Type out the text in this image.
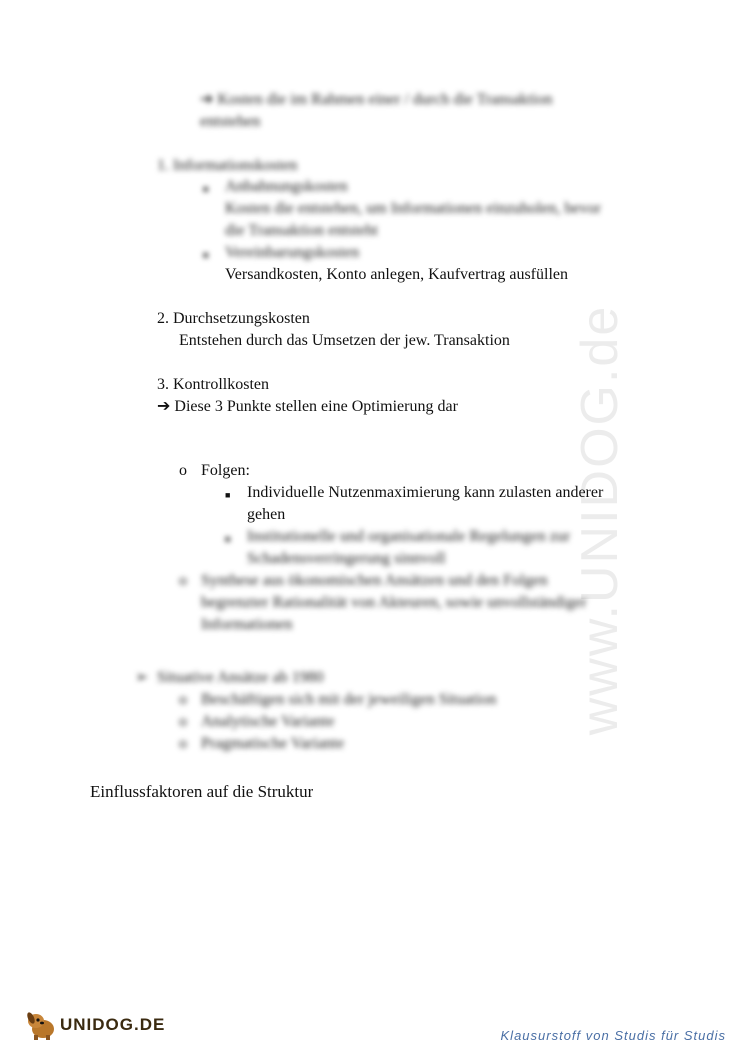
www.UNIDOG.de
➔ Kosten die im Rahmen einer / durch die Transaktion
entstehen
1. Informationskosten
■ Anbahnungskosten
Kosten die entstehen, um Informationen einzuholen, bevor
die Transaktion entsteht
■ Vereinbarungskosten
Versandkosten, Konto anlegen, Kaufvertrag ausfüllen
2. Durchsetzungskosten
Entstehen durch das Umsetzen der jew. Transaktion
3. Kontrollkosten
➔ Diese 3 Punkte stellen eine Optimierung dar
o Folgen:
■ Individuelle Nutzenmaximierung kann zulasten anderer
gehen
■ Institutionelle und organisationale Regelungen zur
Schadensverringerung sinnvoll
o Synthese aus ökonomischen Ansätzen und den Folgen
begrenzter Rationalität von Akteuren, sowie unvollständiger
Informationen
➢ Situative Ansätze ab 1980
o Beschäftigen sich mit der jeweiligen Situation
o Analytische Variante
o Pragmatische Variante
Einflussfaktoren auf die Struktur
UNIDOG.DE
Klausurstoff von Studis für Studis
